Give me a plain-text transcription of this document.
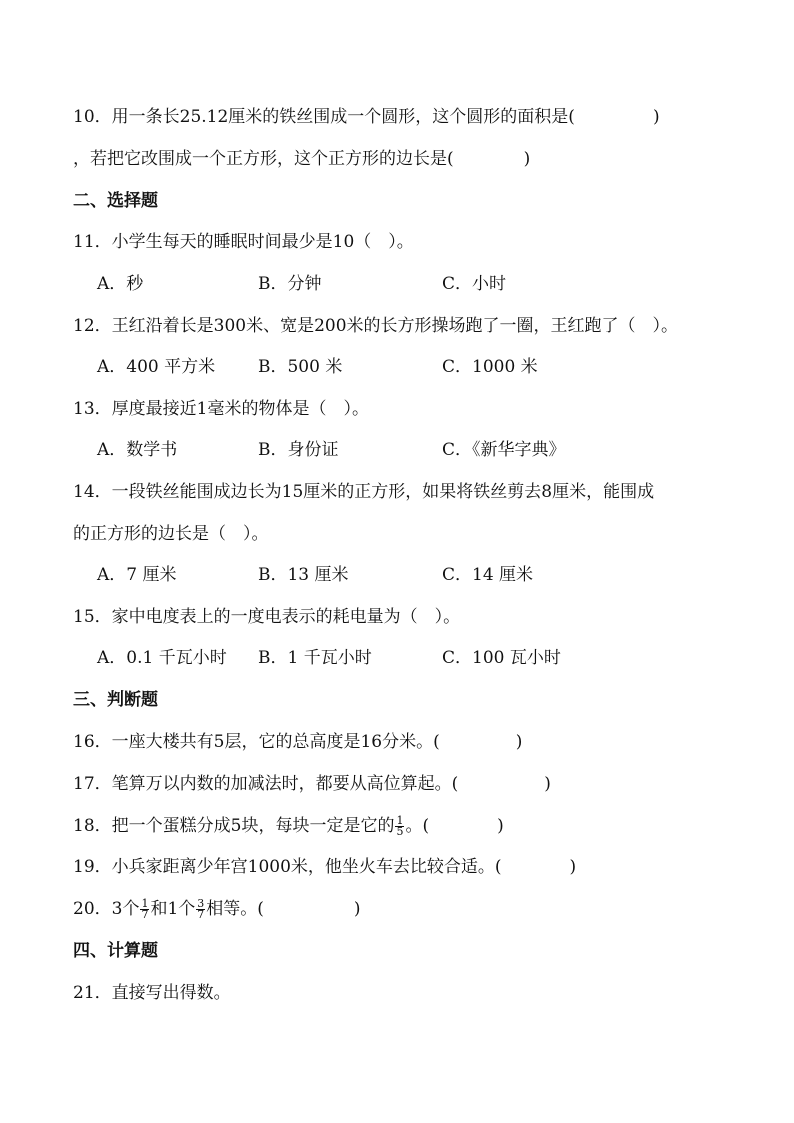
10．用一条长25.12厘米的铁丝围成一个圆形，这个圆形的面积是(	)
，若把它改围成一个正方形，这个正方形的边长是(	)
二、选择题
11．小学生每天的睡眠时间最少是10（　）。
A．秒	B．分钟	C．小时
12．王红沿着长是300米、宽是200米的长方形操场跑了一圈，王红跑了（　）。
A．400 平方米	B．500 米	C．1000 米
13．厚度最接近1毫米的物体是（　）。
A．数学书	B．身份证	C．《新华字典》
14．一段铁丝能围成边长为15厘米的正方形，如果将铁丝剪去8厘米，能围成
的正方形的边长是（　）。
A．7 厘米	B．13 厘米	C．14 厘米
15．家中电度表上的一度电表示的耗电量为（　）。
A．0.1 千瓦小时 B．1 千瓦小时	C．100 瓦小时
三、判断题
16．一座大楼共有5层，它的总高度是16分米。(	)
17．笔算万以内数的加减法时，都要从高位算起。(	)
18．把一个蛋糕分成5块，每块一定是它的 $\frac{1}{5}$ 。(	)
19．小兵家距离少年宫1000米，他坐火车去比较合适。(	)
20．3个 $\frac{1}{7}$ 和1个 $\frac{3}{7}$ 相等。(	)
四、计算题
21．直接写出得数。
